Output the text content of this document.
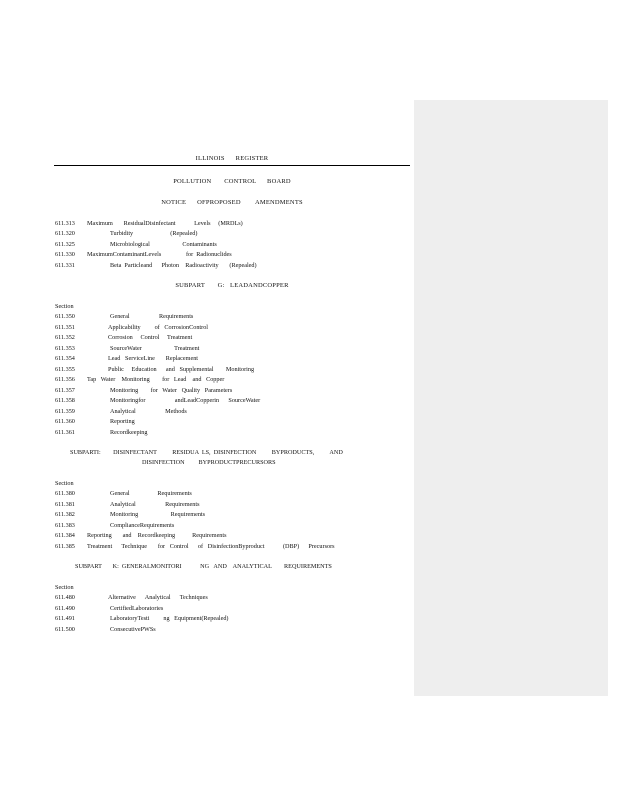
ILLINOIS      REGISTER
POLLUTION       CONTROL      BOARD
NOTICE      OFPROPOSED        AMENDMENTS
611.313 Maximum       ResidualDisinfectant            Levels     (MRDLs)
611.320	Turbidity                        (Repealed)
611.325	Microbiological                     Contaminants
611.330 MaximumContaminantLevels                for  Radionuclides
611.331	Beta  Particleand      Photon    Radioactivity       (Repealed)
SUBPART       G:   LEADANDCOPPER
Section
611.350	General                   Requirements
611.351	Applicability         of   CorrosionControl
611.352	Corrosion     Control     Treatment
611.353	SourceWater                     Treatment
611.354	Lead   ServiceLine       Replacement
611.355	Public     Education      and   Supplemental        Monitoring
611.356 Tap   Water    Monitoring        for   Lead    and   Copper
611.357	Monitoring        for   Water   Quality   Parameters
611.358	Monitoringfor                   andLeadCopperin      SourceWater
611.359	Analytical                   Methods
611.360	Reporting
611.361	Recordkeeping
SUBPARTI:        DISINFECTANT          RESIDUA  LS,  DISINFECTION          BYPRODUCTS,          AND
DISINFECTION         BYPRODUCTPRECURSORS
Section
611.380	General                  Requirements
611.381	Analytical                   Requirements
611.382	Monitoring                     Requirements
611.383	ComplianceRequirements
611.384 Reporting       and    Recordkeeping           Requirements
611.385 Treatment      Technique       for   Control      of   DisinfectionByproduct            (DBP)      Precursors
SUBPART       K:  GENERALMONITORI            NG   AND    ANALYTICAL        REQUIREMENTS
Section
611.480	Alternative      Analytical      Techniques
611.490	CertifiedLaboratories
611.491	LaboratoryTesti         ng   Equipment(Repealed)
611.500	ConsecutivePWSs
